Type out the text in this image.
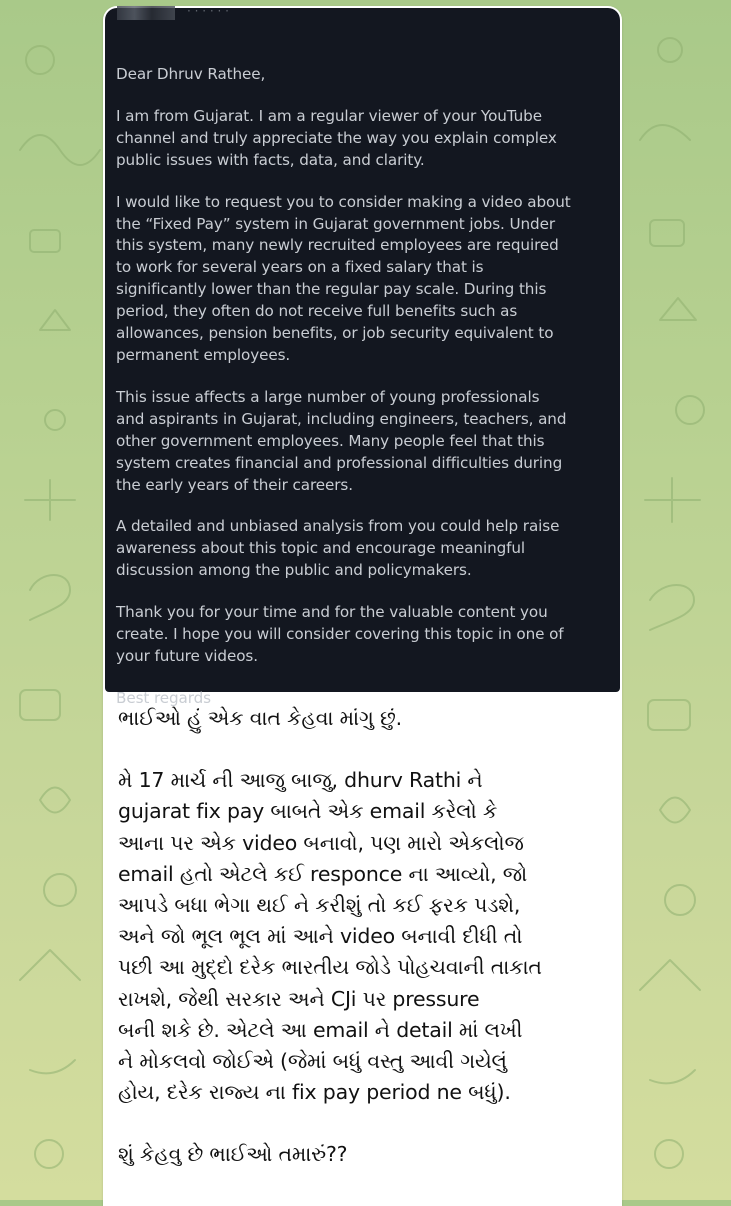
· · · · · ·

Dear Dhruv Rathee,

I am from Gujarat. I am a regular viewer of your YouTube
channel and truly appreciate the way you explain complex
public issues with facts, data, and clarity.

I would like to request you to consider making a video about
the “Fixed Pay” system in Gujarat government jobs. Under
this system, many newly recruited employees are required
to work for several years on a fixed salary that is
significantly lower than the regular pay scale. During this
period, they often do not receive full benefits such as
allowances, pension benefits, or job security equivalent to
permanent employees.

This issue affects a large number of young professionals
and aspirants in Gujarat, including engineers, teachers, and
other government employees. Many people feel that this
system creates financial and professional difficulties during
the early years of their careers.

A detailed and unbiased analysis from you could help raise
awareness about this topic and encourage meaningful
discussion among the public and policymakers.

Thank you for your time and for the valuable content you
create. I hope you will consider covering this topic in one of
your future videos.

Best regards

ભાઈઓ હું એક વાત કેહવા માંગુ છું.

મે 17 માર્ચ ની આજુ બાજુ, dhurv Rathi ને
gujarat fix pay બાબતે એક email કરેલો કે
આના પર એક video બનાવો, પણ મારો એકલોજ
email હતો એટલે કઈ responce ના આવ્યો, જો
આપડે બધા ભેગા થઈ ને કરીશું તો કઈ ફરક પડશે,
અને જો ભૂલ ભૂલ માં આને video બનાવી દીધી તો
પછી આ મુદ્દો દરેક ભારતીય જોડે પોહચવાની તાકાત
રાખશે, જેથી સરકાર અને CJi પર pressure
બની શકે છે. એટલે આ email ને detail માં લખી
ને મોકલવો જોઈએ (જેમાં બધું વસ્તુ આવી ગયેલું
હોય, દરેક રાજ્ય ના fix pay period ne બધું).

શું કેહવુ છે ભાઈઓ તમારું??
